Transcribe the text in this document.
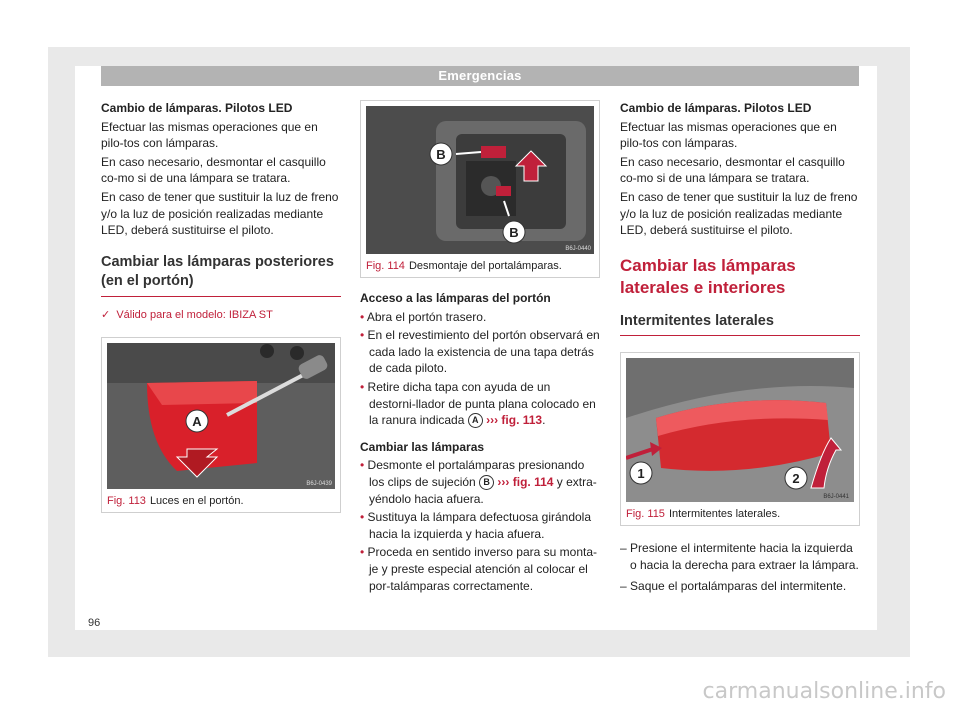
Emergencias

Cambio de lámparas. Pilotos LED

Efectuar las mismas operaciones que en pilo-tos con lámparas.

En caso necesario, desmontar el casquillo co-mo si de una lámpara se tratara.

En caso de tener que sustituir la luz de freno y/o la luz de posición realizadas mediante LED, deberá sustituirse el piloto.

Cambiar las lámparas posteriores (en el portón)
✓ Válido para el modelo: IBIZA ST
A
B6J-0439
Fig. 113 Luces en el portón.
B
B
B6J-0440
Fig. 114 Desmontaje del portalámparas.

Acceso a las lámparas del portón

• Abra el portón trasero.

• En el revestimiento del portón observará en cada lado la existencia de una tapa detrás de cada piloto.

• Retire dicha tapa con ayuda de un destorni-llador de punta plana colocado en la ranura indicada A ››› fig. 113.

Cambiar las lámparas

• Desmonte el portalámparas presionando los clips de sujeción B ››› fig. 114 y extra-yéndolo hacia afuera.

• Sustituya la lámpara defectuosa girándola hacia la izquierda y hacia afuera.

• Proceda en sentido inverso para su monta-je y preste especial atención al colocar el por-talámparas correctamente.

Cambio de lámparas. Pilotos LED

Efectuar las mismas operaciones que en pilo-tos con lámparas.

En caso necesario, desmontar el casquillo co-mo si de una lámpara se tratara.

En caso de tener que sustituir la luz de freno y/o la luz de posición realizadas mediante LED, deberá sustituirse el piloto.

Cambiar las lámparas laterales e interiores
Intermitentes laterales
1	2
B6J-0441
Fig. 115 Intermitentes laterales.

– Presione el intermitente hacia la izquierda o hacia la derecha para extraer la lámpara.

– Saque el portalámparas del intermitente.

96
carmanualsonline.info
